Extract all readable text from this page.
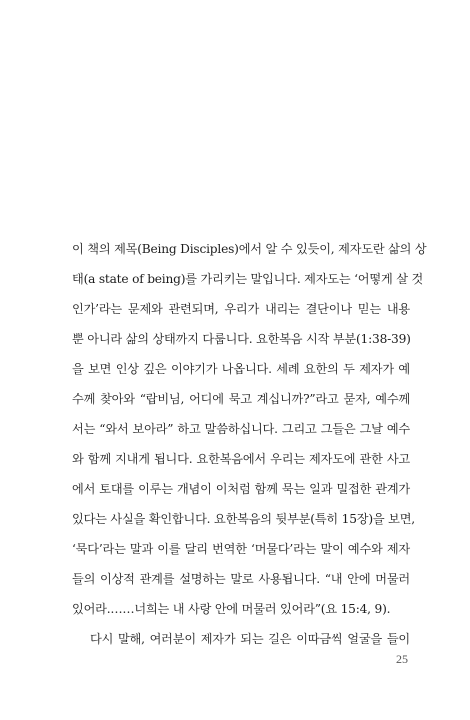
이 책의 제목(Being Disciples)에서 알 수 있듯이, 제자도란 삶의 상
태(a state of being)를 가리키는 말입니다. 제자도는 ‘어떻게 살 것
인가’라는 문제와 관련되며, 우리가 내리는 결단이나 믿는 내용
뿐 아니라 삶의 상태까지 다룹니다. 요한복음 시작 부분(1:38-39)
을 보면 인상 깊은 이야기가 나옵니다. 세례 요한의 두 제자가 예
수께 찾아와 “랍비님, 어디에 묵고 계십니까?”라고 묻자, 예수께
서는 “와서 보아라” 하고 말씀하십니다. 그리고 그들은 그날 예수
와 함께 지내게 됩니다. 요한복음에서 우리는 제자도에 관한 사고
에서 토대를 이루는 개념이 이처럼 함께 묵는 일과 밀접한 관계가
있다는 사실을 확인합니다. 요한복음의 뒷부분(특히 15장)을 보면,
‘묵다’라는 말과 이를 달리 번역한 ‘머물다’라는 말이 예수와 제자
들의 이상적 관계를 설명하는 말로 사용됩니다. “내 안에 머물러
있어라.……너희는 내 사랑 안에 머물러 있어라”(요 15:4, 9).
다시 말해, 여러분이 제자가 되는 길은 이따금씩 얼굴을 들이
25
